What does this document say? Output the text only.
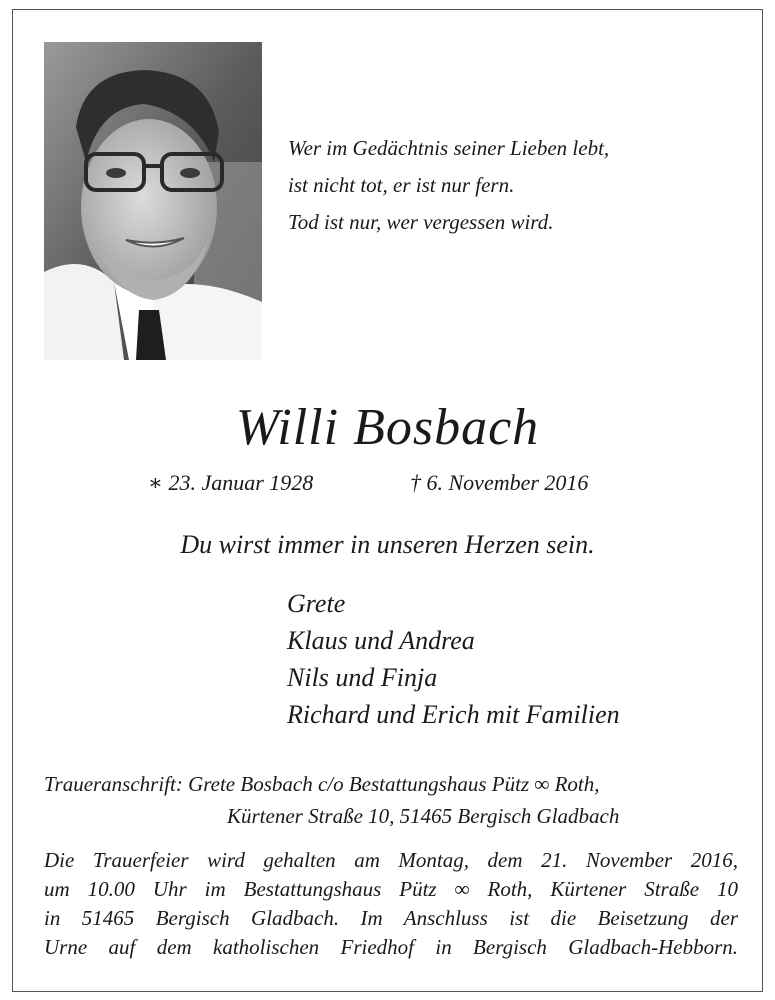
Wer im Gedächtnis seiner Lieben lebt,
ist nicht tot, er ist nur fern.
Tod ist nur, wer vergessen wird.
Willi Bosbach
∗ 23. Januar 1928	† 6. November 2016
Du wirst immer in unseren Herzen sein.
Grete
Klaus und Andrea
Nils und Finja
Richard und Erich mit Familien
Traueranschrift: Grete Bosbach c/o Bestattungshaus Pütz ∞ Roth,
Kürtener Straße 10, 51465 Bergisch Gladbach
Die Trauerfeier wird gehalten am Montag, dem 21. November 2016,
um 10.00 Uhr im Bestattungshaus Pütz ∞ Roth, Kürtener Straße 10
in 51465 Bergisch Gladbach. Im Anschluss ist die Beisetzung der
Urne auf dem katholischen Friedhof in Bergisch Gladbach-Hebborn.
